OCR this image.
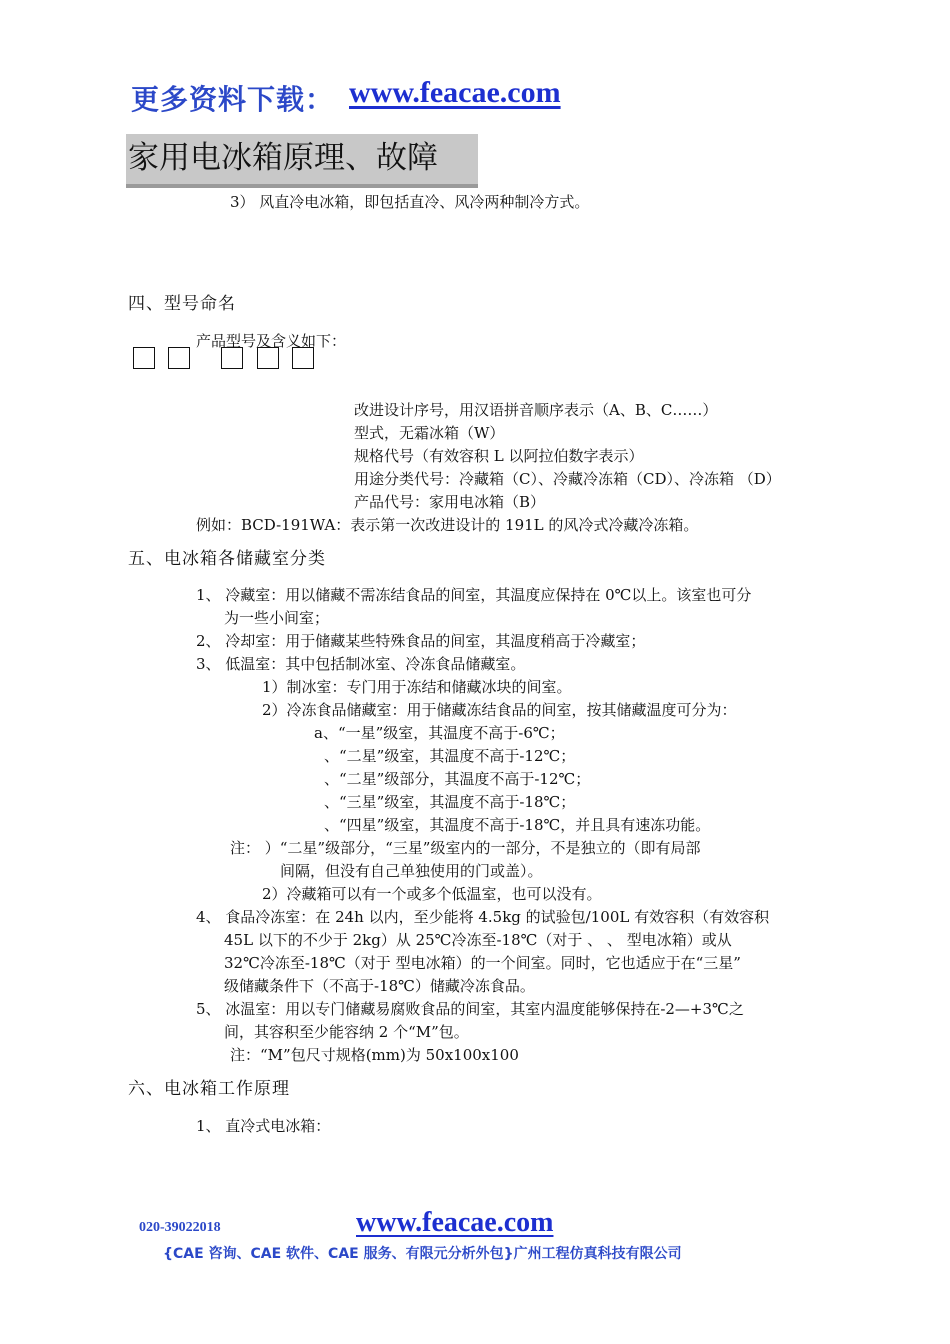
更多资料下载： www.feacae.com
家用电冰箱原理、故障
3） 风直冷电冰箱，即包括直冷、风冷两种制冷方式。
四、型号命名
产品型号及含义如下：
改进设计序号，用汉语拼音顺序表示（A、B、C……）
型式，无霜冰箱（W）
规格代号（有效容积 L 以阿拉伯数字表示）
用途分类代号：冷藏箱（C）、冷藏冷冻箱（CD）、冷冻箱 （D）
产品代号：家用电冰箱（B）
例如：BCD-191WA：表示第一次改进设计的 191L 的风冷式冷藏冷冻箱。
五、电冰箱各储藏室分类
1、 冷藏室：用以储藏不需冻结食品的间室，其温度应保持在 0℃以上。该室也可分
为一些小间室；
2、 冷却室：用于储藏某些特殊食品的间室，其温度稍高于冷藏室；
3、 低温室：其中包括制冰室、冷冻食品储藏室。
1）制冰室：专门用于冻结和储藏冰块的间室。
2）冷冻食品储藏室：用于储藏冻结食品的间室，按其储藏温度可分为：
a、“一星”级室，其温度不高于-6℃；
、“二星”级室，其温度不高于-12℃；
、“二星”级部分，其温度不高于-12℃；
、“三星”级室，其温度不高于-18℃；
、“四星”级室，其温度不高于-18℃，并且具有速冻功能。
注： ）“二星”级部分，“三星”级室内的一部分，不是独立的（即有局部
间隔，但没有自己单独使用的门或盖）。
2）冷藏箱可以有一个或多个低温室，也可以没有。
4、 食品冷冻室：在 24h 以内，至少能将 4.5kg 的试验包/100L 有效容积（有效容积
45L 以下的不少于 2kg）从 25℃冷冻至-18℃（对于 、 、 型电冰箱）或从
32℃冷冻至-18℃（对于 型电冰箱）的一个间室。同时，它也适应于在“三星”
级储藏条件下（不高于-18℃）储藏冷冻食品。
5、 冰温室：用以专门储藏易腐败食品的间室，其室内温度能够保持在-2—+3℃之
间，其容积至少能容纳 2 个“M”包。
注：“M”包尺寸规格(mm)为 50x100x100
六、电冰箱工作原理
1、 直冷式电冰箱：
020-39022018	www.feacae.com
{CAE 咨询、CAE 软件、CAE 服务、有限元分析外包}广州工程仿真科技有限公司
